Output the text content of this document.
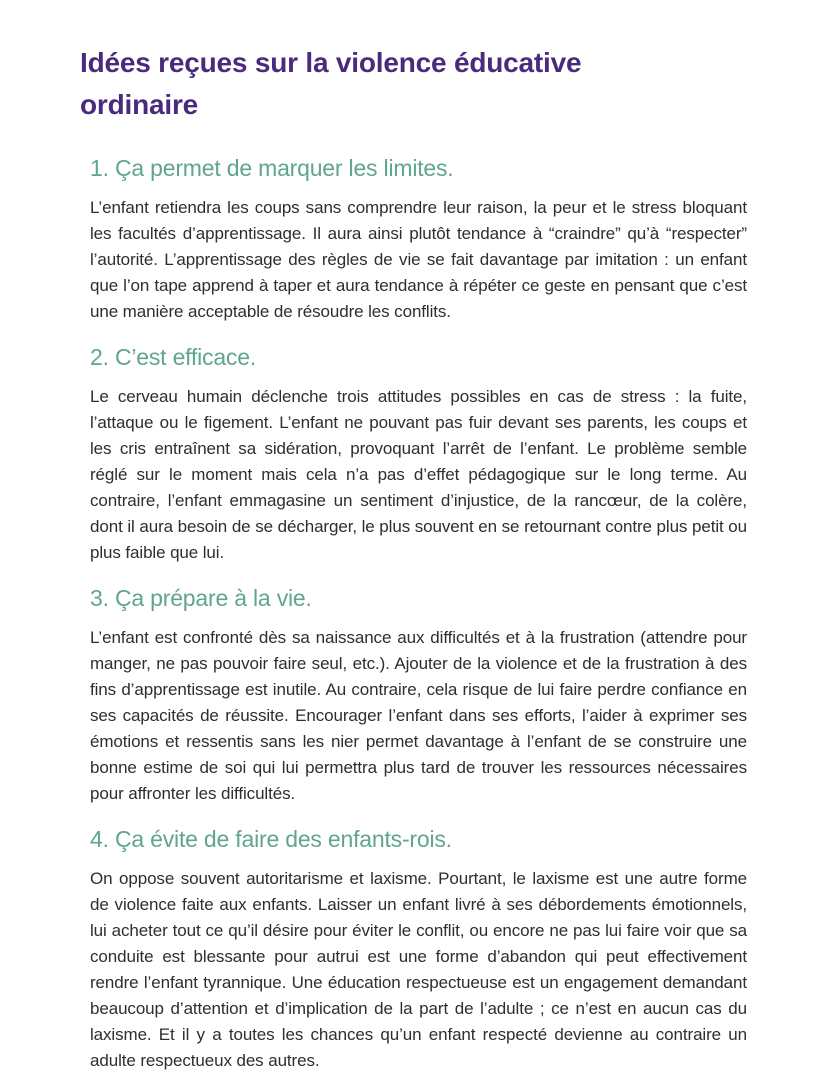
Idées reçues sur la violence éducative ordinaire
1. Ça permet de marquer les limites.

L’enfant retiendra les coups sans comprendre leur raison, la peur et le stress bloquant les facultés d’apprentissage. Il aura ainsi plutôt tendance à “craindre” qu’à “respecter” l’autorité. L’apprentissage des règles de vie se fait davantage par imitation : un enfant que l’on tape apprend à taper et aura tendance à répéter ce geste en pensant que c’est une manière acceptable de résoudre les conflits.

2. C’est efficace.

Le cerveau humain déclenche trois attitudes possibles en cas de stress : la fuite, l’attaque ou le figement. L’enfant ne pouvant pas fuir devant ses parents, les coups et les cris entraînent sa sidération, provoquant l’arrêt de l’enfant. Le problème semble réglé sur le moment mais cela n’a pas d’effet pédagogique sur le long terme. Au contraire, l’enfant emmagasine un sentiment d’injustice, de la rancœur, de la colère, dont il aura besoin de se décharger, le plus souvent en se retournant contre plus petit ou plus faible que lui.

3. Ça prépare à la vie.

L’enfant est confronté dès sa naissance aux difficultés et à la frustration (attendre pour manger, ne pas pouvoir faire seul, etc.). Ajouter de la violence et de la frustration à des fins d’apprentissage est inutile. Au contraire, cela risque de lui faire perdre confiance en ses capacités de réussite. Encourager l’enfant dans ses efforts, l’aider à exprimer ses émotions et ressentis sans les nier permet davantage à l’enfant de se construire une bonne estime de soi qui lui permettra plus tard de trouver les ressources nécessaires pour affronter les difficultés.

4. Ça évite de faire des enfants-rois.

On oppose souvent autoritarisme et laxisme. Pourtant, le laxisme est une autre forme de violence faite aux enfants. Laisser un enfant livré à ses débordements émotionnels, lui acheter tout ce qu’il désire pour éviter le conflit, ou encore ne pas lui faire voir que sa conduite est blessante pour autrui est une forme d’abandon qui peut effectivement rendre l’enfant tyrannique. Une éducation respectueuse est un engagement demandant beaucoup d’attention et d’implication de la part de l’adulte ; ce n’est en aucun cas du laxisme. Et il y a toutes les chances qu’un enfant respecté devienne au contraire un adulte respectueux des autres.
